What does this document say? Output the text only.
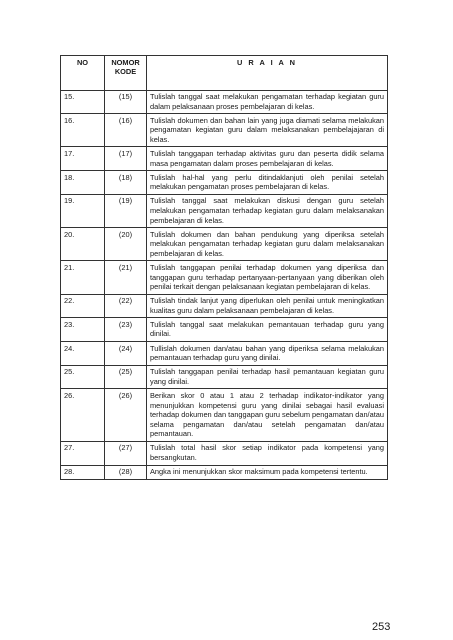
NO	NOMOR KODE	U R A I A N
15.	(15)	Tulislah tanggal saat melakukan pengamatan terhadap kegiatan guru dalam pelaksanaan proses pembelajaran di kelas.
16.	(16)	Tulislah dokumen dan bahan lain yang juga diamati selama melakukan pengamatan kegiatan guru dalam melaksanakan pembelajajaran di kelas.
17.	(17)	Tulislah tanggapan terhadap aktivitas guru dan peserta didik selama masa pengamatan dalam proses pembelajaran di kelas.
18.	(18)	Tulislah hal-hal yang perlu ditindaklanjuti oleh penilai setelah melakukan pengamatan proses pembelajaran di kelas.
19.	(19)	Tulislah tanggal saat melakukan diskusi dengan guru setelah melakukan pengamatan terhadap kegiatan guru dalam melaksanakan pembelajaran di kelas.
20.	(20)	Tulislah dokumen dan bahan pendukung yang diperiksa setelah melakukan pengamatan terhadap kegiatan guru dalam melaksanakan pembelajaran di kelas.
21.	(21)	Tulislah tanggapan penilai terhadap dokumen yang diperiksa dan tanggapan guru terhadap pertanyaan-pertanyaan yang diberikan oleh penilai terkait dengan pelaksanaan kegiatan pembelajaran di kelas.
22.	(22)	Tulislah tindak lanjut yang diperlukan oleh penilai untuk meningkatkan kualitas guru dalam pelaksanaan pembelajaran di kelas.
23.	(23)	Tulislah tanggal saat melakukan pemantauan terhadap guru yang dinilai.
24.	(24)	Tullislah dokumen dan/atau bahan yang diperiksa selama melakukan pemantauan terhadap guru yang dinilai.
25.	(25)	Tulislah tanggapan penilai terhadap hasil pemantauan kegiatan guru yang dinilai.
26.	(26)	Berikan skor 0 atau 1 atau 2 terhadap indikator-indikator yang menunjukkan kompetensi guru yang dinilai sebagai hasil evaluasi terhadap dokumen dan tanggapan guru sebelum pengamatan dan/atau selama pengamatan dan/atau setelah pengamatan dan/atau pemantauan.
27.	(27)	Tulislah total hasil skor setiap indikator pada kompetensi yang bersangkutan.
28.	(28)	Angka ini menunjukkan skor maksimum pada kompetensi tertentu.
253
